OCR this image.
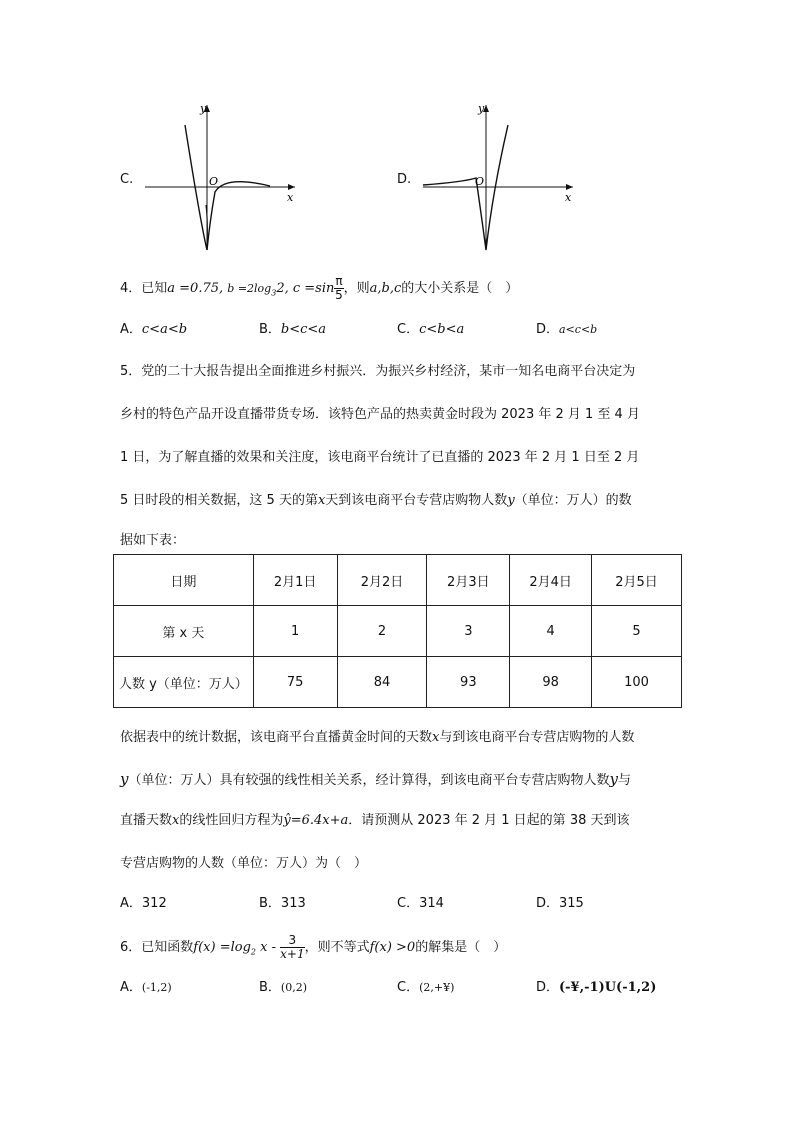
C.
y
x
O	D.
y
x
O
4．已知a =0.75, $b =2\log_32$, $c =\sin \frac{\pi}{5}$ ，则a,b,c的大小关系是（　）
A．c<a<b	B．b<c<a	C．c<b<a	D．a<c<b
5．党的二十大报告提出全面推进乡村振兴．为振兴乡村经济，某市一知名电商平台决定为
乡村的特色产品开设直播带货专场．该特色产品的热卖黄金时段为 2023 年 2 月 1 至 4 月
1 日，为了解直播的效果和关注度，该电商平台统计了已直播的 2023 年 2 月 1 日至 2 月
5 日时段的相关数据，这 5 天的第x天到该电商平台专营店购物人数y（单位：万人）的数
据如下表：
日期	2月1日	2月2日	2月3日	2月4日	2月5日
第 x 天	1	2	3	4	5
人数 y（单位：万人）	75	84	93	98	100
依据表中的统计数据，该电商平台直播黄金时间的天数x与到该电商平台专营店购物的人数
y（单位：万人）具有较强的线性相关关系，经计算得，到该电商平台专营店购物人数y与
直播天数x的线性回归方程为ŷ=6.4x+a．请预测从 2023 年 2 月 1 日起的第 38 天到该
专营店购物的人数（单位：万人）为（　）
A．312	B．313	C．314	D．315
6．已知函数$f(x) =\log_2$ x - $\frac{3}{x+1}$ ，则不等式f(x) >0的解集是（　）
A．(-1,2)	B．(0,2)	C．(2,+¥)	D．(-¥,-1)U(-1,2)
